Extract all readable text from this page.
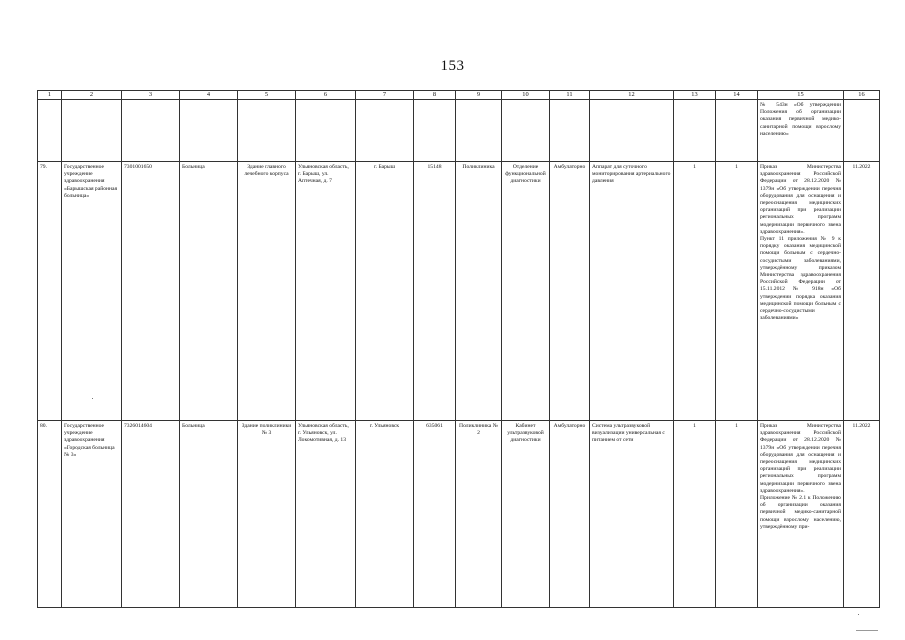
153
1	2	3	4	5	6	7	8	9	10	11	12	13	14	15	16
														№ 543н «Об утверждении Положения об организации оказания первичной медико-санитарной помощи взрослому населению»	
79.	Государственное учреждение здравоохранения «Барышская районная больница»	7301001650	Больница	Здание главного лечебного корпуса	Ульяновская область, г. Барыш, ул. Аптечная, д. 7	г. Барыш	15148	Поликлиника	Отделение функциональной диагностики	Амбулаторно	Аппарат для суточного мониторирования артериального давления	1	1	Приказ Министерства здравоохранения Российской Федерации от 28.12.2020 № 1379н «Об утверждении перечня оборудования для оснащения и переоснащения медицинских организаций при реализации региональных программ модернизации первичного звена здравоохранения».
Пункт 11 приложения № 9 к порядку оказания медицинской помощи больным с сердечно-сосудистыми заболеваниями, утверждённому приказом Министерства здравоохранения Российской Федерации от 15.11.2012 № 918н «Об утверждении порядка оказания медицинской помощи больным с сердечно-сосудистыми заболеваниями»	11.2022
80.	Государственное учреждение здравоохранения «Городская больница № 3»	7326014604	Больница	Здание поликлиники № 3	Ульяновская область, г. Ульяновск, ул. Локомотивная, д. 13	г. Ульяновск	635061	Поликлиника № 2	Кабинет ультразвуковой диагностики	Амбулаторно	Система ультразвуковой визуализации универсальная с питанием от сети	1	1	Приказ Министерства здравоохранения Российской Федерации от 28.12.2020 № 1379н «Об утверждении перечня оборудования для оснащения и переоснащения медицинских организаций при реализации региональных программ модернизации первичного звена здравоохранения».
Приложение № 2.1 к Положению об организации оказания первичной медико-санитарной помощи взрослому населению, утверждённому при-	11.2022
